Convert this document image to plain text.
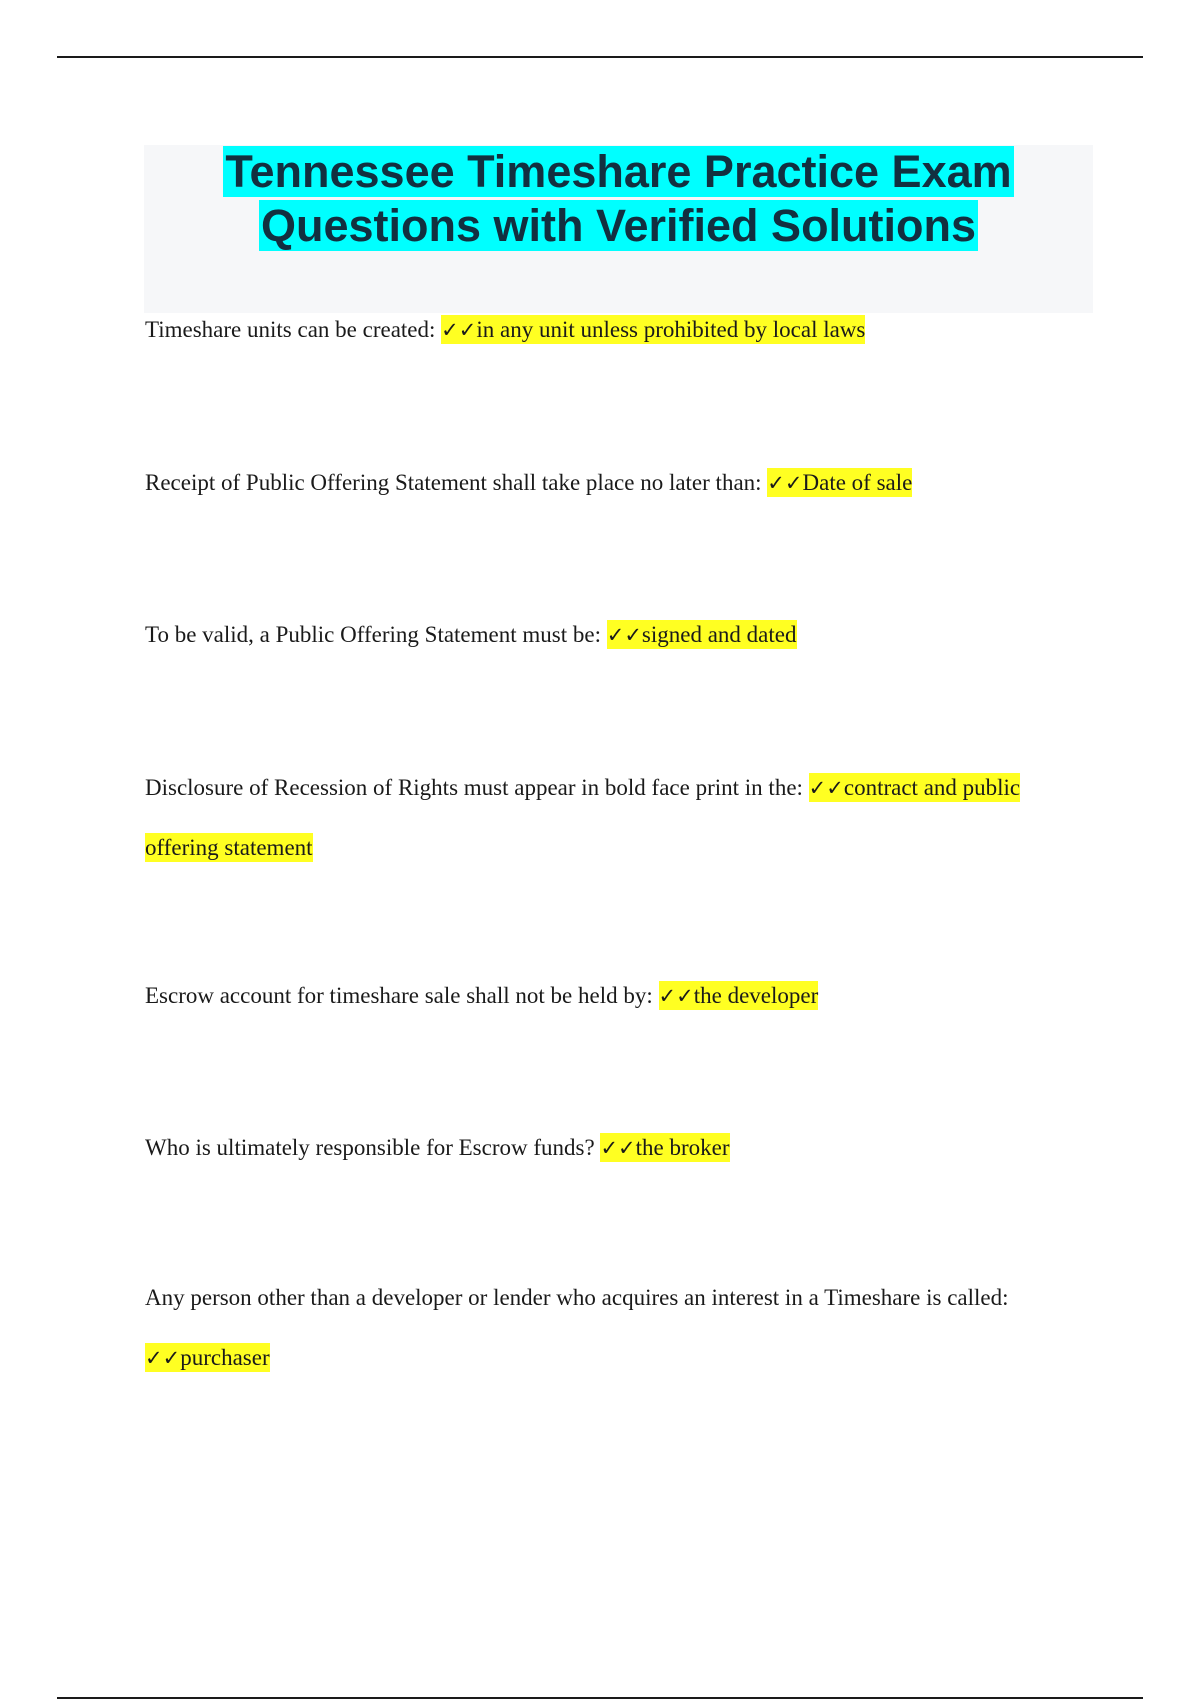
Tennessee Timeshare Practice Exam
Questions with Verified Solutions

Timeshare units can be created: ✓✓in any unit unless prohibited by local laws

Receipt of Public Offering Statement shall take place no later than: ✓✓Date of sale

To be valid, a Public Offering Statement must be: ✓✓signed and dated

Disclosure of Recession of Rights must appear in bold face print in the: ✓✓contract and public offering statement

Escrow account for timeshare sale shall not be held by: ✓✓the developer

Who is ultimately responsible for Escrow funds? ✓✓the broker

Any person other than a developer or lender who acquires an interest in a Timeshare is called: ✓✓purchaser
